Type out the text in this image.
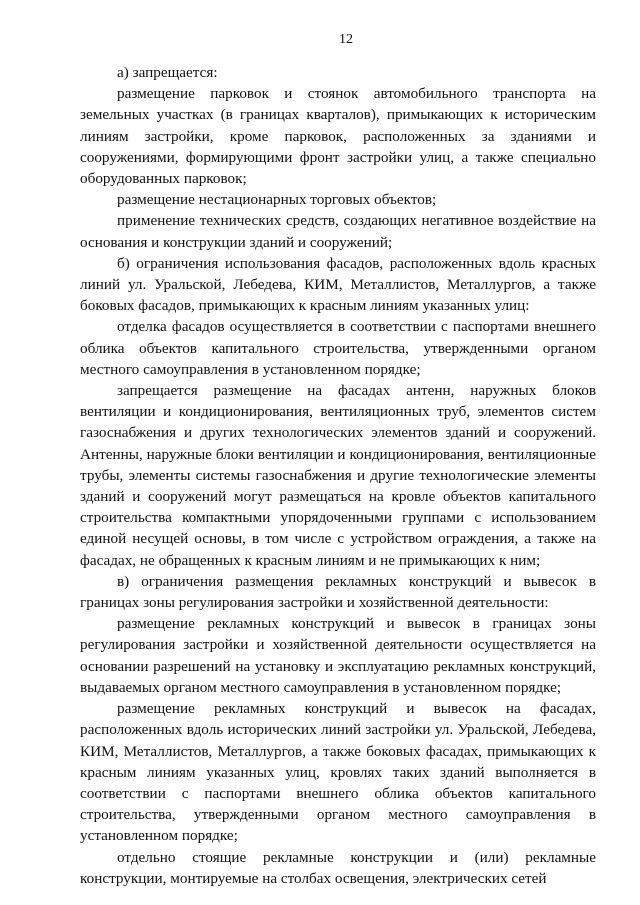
12

а) запрещается:

размещение парковок и стоянок автомобильного транспорта на земельных участках (в границах кварталов), примыкающих к историческим линиям застройки, кроме парковок, расположенных за зданиями и сооружениями, формирующими фронт застройки улиц, а также специально оборудованных парковок;

размещение нестационарных торговых объектов;

применение технических средств, создающих негативное воздействие на основания и конструкции зданий и сооружений;

б) ограничения использования фасадов, расположенных вдоль красных линий ул. Уральской, Лебедева, КИМ, Металлистов, Металлургов, а также боковых фасадов, примыкающих к красным линиям указанных улиц:

отделка фасадов осуществляется в соответствии с паспортами внешнего облика объектов капитального строительства, утвержденными органом местного самоуправления в установленном порядке;

запрещается размещение на фасадах антенн, наружных блоков вентиляции и кондиционирования, вентиляционных труб, элементов систем газоснабжения и других технологических элементов зданий и сооружений. Антенны, наружные блоки вентиляции и кондиционирования, вентиляционные трубы, элементы системы газоснабжения и другие технологические элементы зданий и сооружений могут размещаться на кровле объектов капитального строительства компактными упорядоченными группами с использованием единой несущей основы, в том числе с устройством ограждения, а также на фасадах, не обращенных к красным линиям и не примыкающих к ним;

в) ограничения размещения рекламных конструкций и вывесок в границах зоны регулирования застройки и хозяйственной деятельности:

размещение рекламных конструкций и вывесок в границах зоны регулирования застройки и хозяйственной деятельности осуществляется на основании разрешений на установку и эксплуатацию рекламных конструкций, выдаваемых органом местного самоуправления в установленном порядке;

размещение рекламных конструкций и вывесок на фасадах, расположенных вдоль исторических линий застройки ул. Уральской, Лебедева, КИМ, Металлистов, Металлургов, а также боковых фасадах, примыкающих к красным линиям указанных улиц, кровлях таких зданий выполняется в соответствии с паспортами внешнего облика объектов капитального строительства, утвержденными органом местного самоуправления в установленном порядке;

отдельно стоящие рекламные конструкции и (или) рекламные конструкции, монтируемые на столбах освещения, электрических сетей
